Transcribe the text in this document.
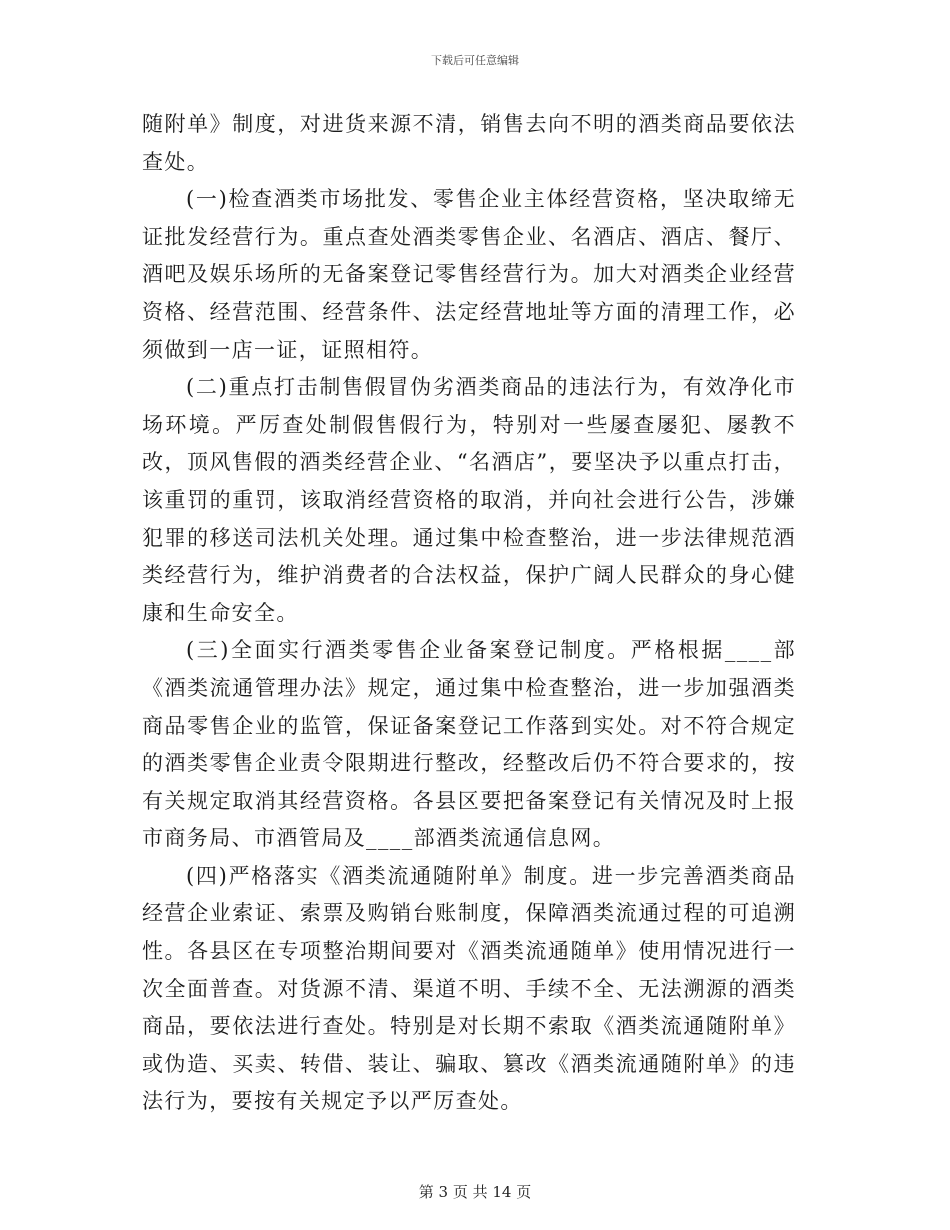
下载后可任意编辑

随附单》制度，对进货来源不清，销售去向不明的酒类商品要依法查处。

(一)检查酒类市场批发、零售企业主体经营资格，坚决取缔无证批发经营行为。重点查处酒类零售企业、名酒店、酒店、餐厅、酒吧及娱乐场所的无备案登记零售经营行为。加大对酒类企业经营资格、经营范围、经营条件、法定经营地址等方面的清理工作，必须做到一店一证，证照相符。

(二)重点打击制售假冒伪劣酒类商品的违法行为，有效净化市场环境。严厉查处制假售假行为，特别对一些屡查屡犯、屡教不改，顶风售假的酒类经营企业、“名酒店”，要坚决予以重点打击，该重罚的重罚，该取消经营资格的取消，并向社会进行公告，涉嫌犯罪的移送司法机关处理。通过集中检查整治，进一步法律规范酒类经营行为，维护消费者的合法权益，保护广阔人民群众的身心健康和生命安全。

(三)全面实行酒类零售企业备案登记制度。严格根据____部《酒类流通管理办法》规定，通过集中检查整治，进一步加强酒类商品零售企业的监管，保证备案登记工作落到实处。对不符合规定的酒类零售企业责令限期进行整改，经整改后仍不符合要求的，按有关规定取消其经营资格。各县区要把备案登记有关情况及时上报市商务局、市酒管局及____部酒类流通信息网。

(四)严格落实《酒类流通随附单》制度。进一步完善酒类商品经营企业索证、索票及购销台账制度，保障酒类流通过程的可追溯性。各县区在专项整治期间要对《酒类流通随单》使用情况进行一次全面普查。对货源不清、渠道不明、手续不全、无法溯源的酒类商品，要依法进行查处。特别是对长期不索取《酒类流通随附单》或伪造、买卖、转借、装让、骗取、篡改《酒类流通随附单》的违法行为，要按有关规定予以严厉查处。

第 3 页 共 14 页
